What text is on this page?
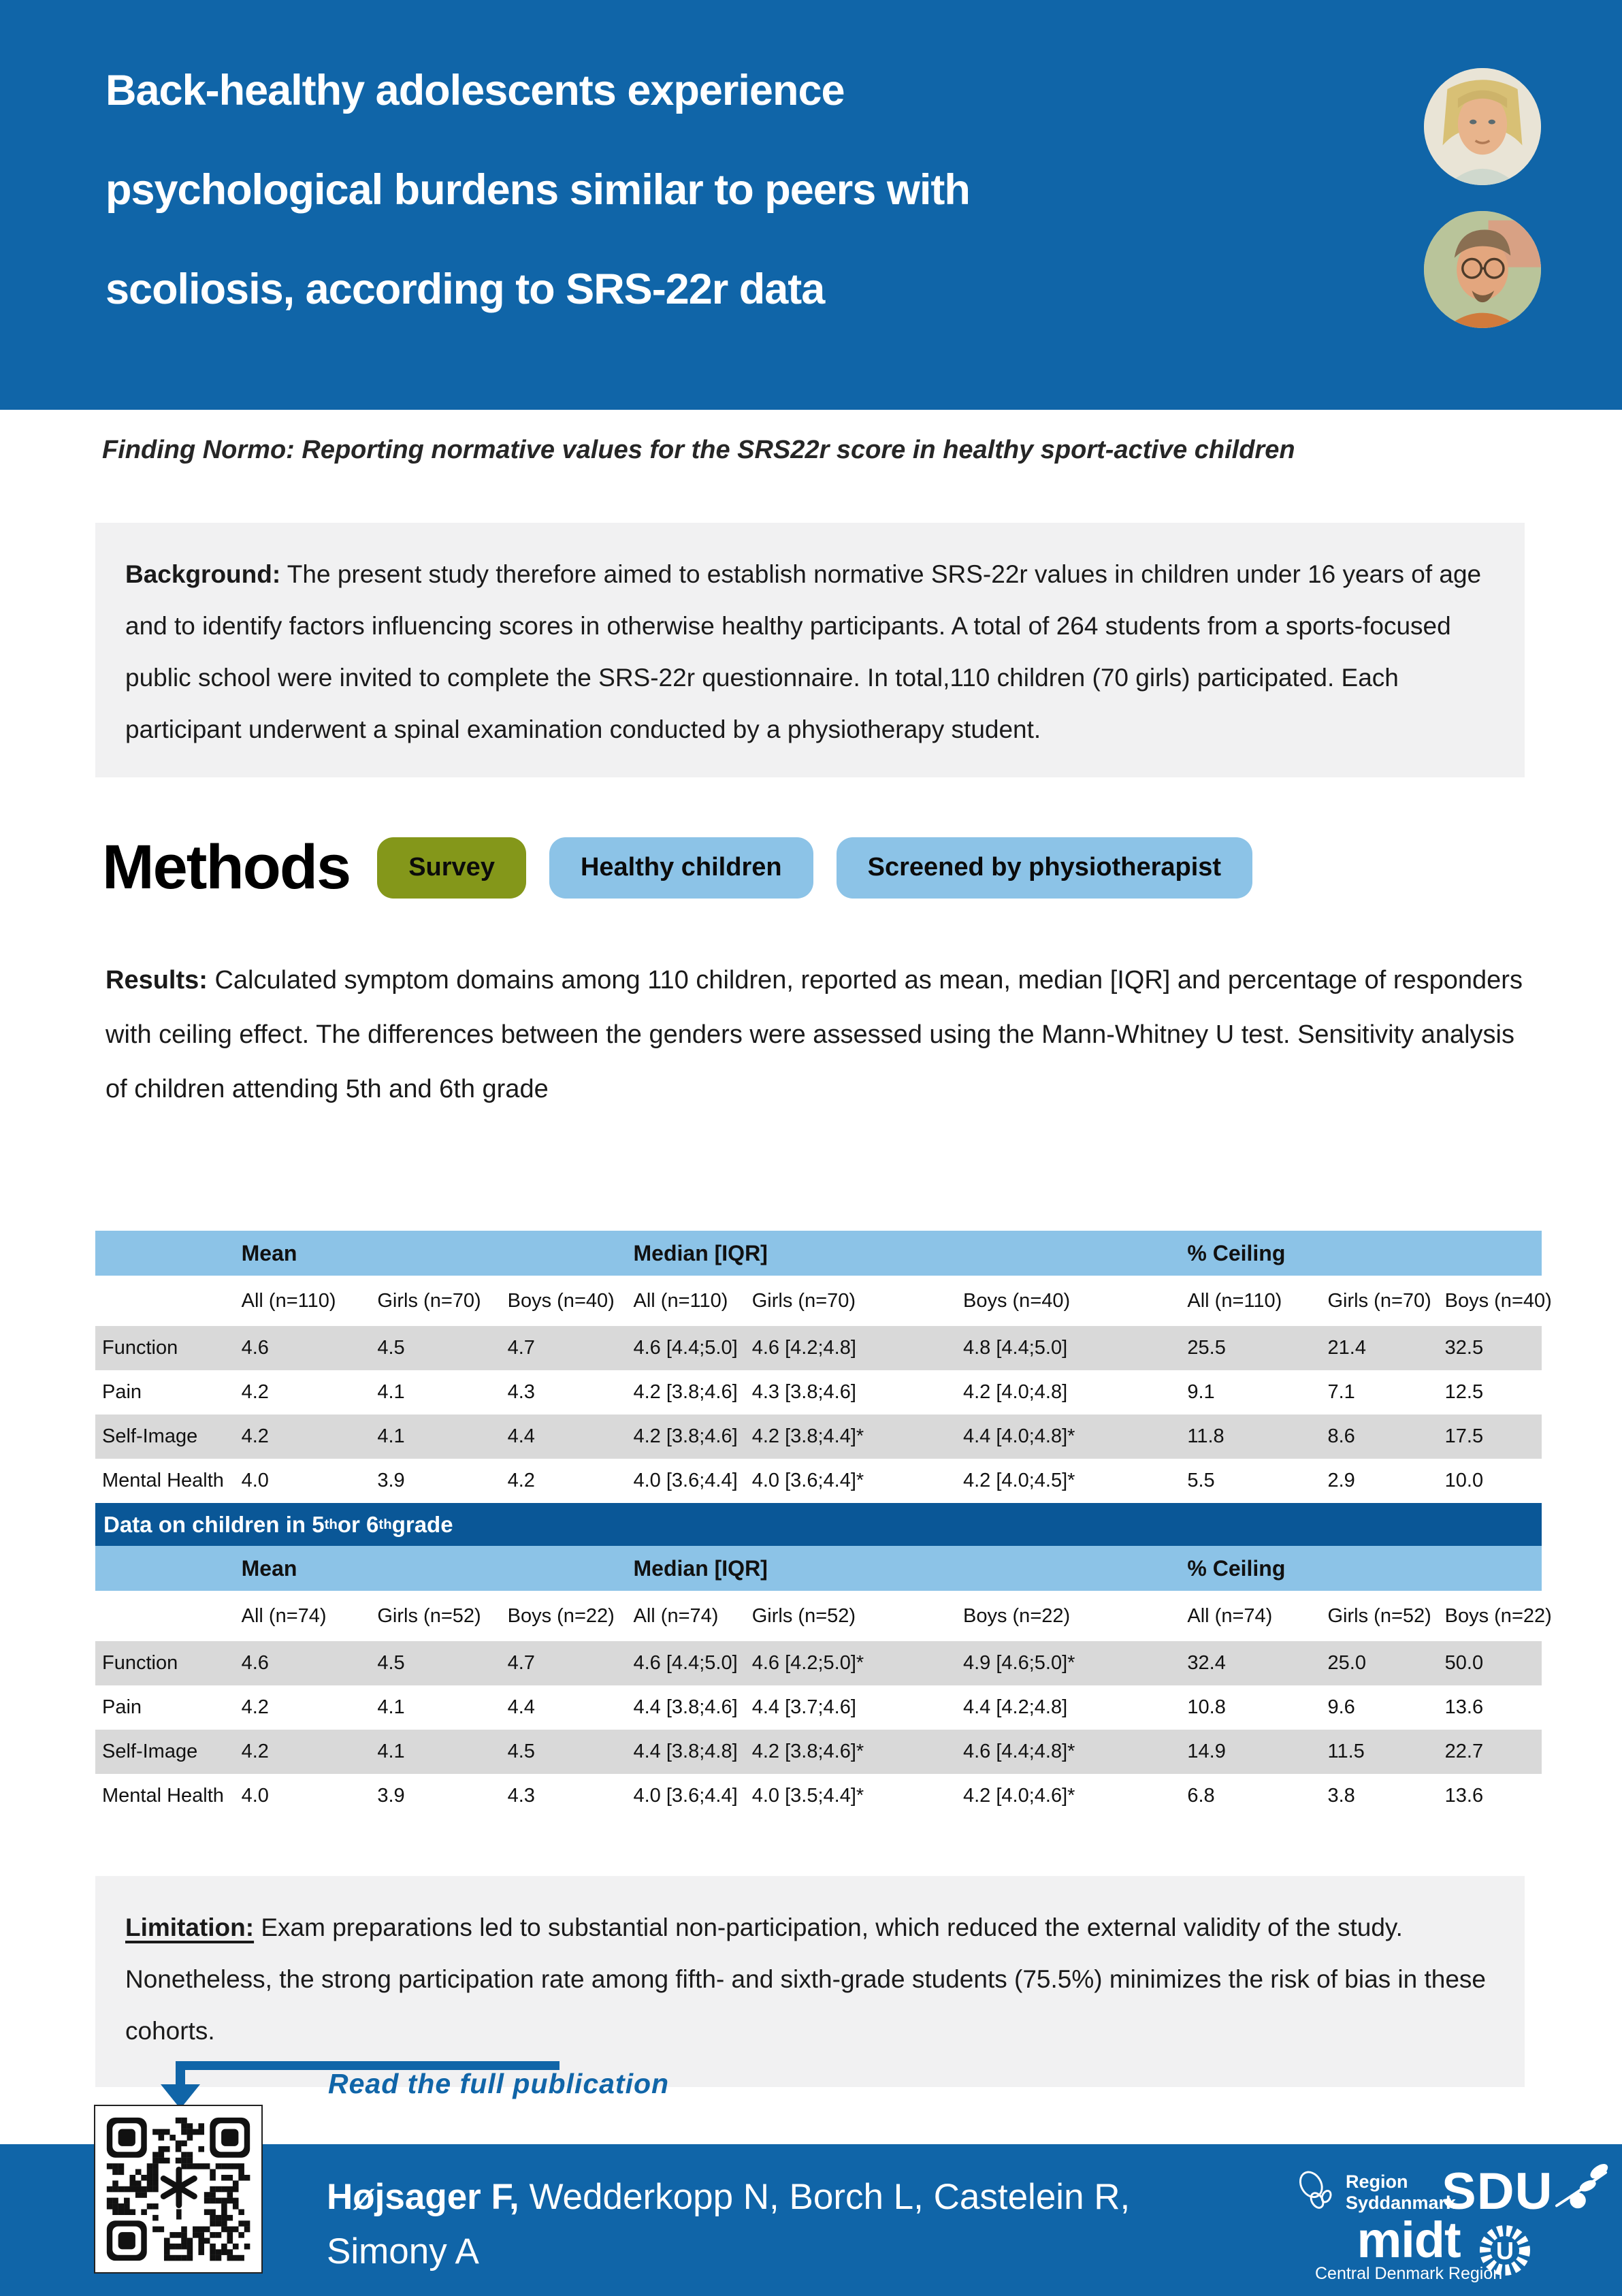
Back-healthy adolescents experience
psychological burdens similar to peers with
scoliosis, according to SRS-22r data
Finding Normo: Reporting normative values for the SRS22r score in healthy sport-active children
Background: The present study therefore aimed to establish normative SRS-22r values in children under 16 years of age and to identify factors influencing scores in otherwise healthy participants. A total of 264 students from a sports-focused public school were invited to complete the SRS-22r questionnaire. In total,110 children (70 girls) participated. Each participant underwent a spinal examination conducted by a physiotherapy student.
Methods	Survey	Healthy children	Screened by physiotherapist
Results: Calculated symptom domains among 110 children, reported as mean, median [IQR] and percentage of responders with ceiling effect. The differences between the genders were assessed using the Mann-Whitney U test. Sensitivity analysis of children attending 5th and 6th grade
Mean	Median [IQR]	% Ceiling
All (n=110)	Girls (n=70)	Boys (n=40) All (n=110)	Girls (n=70)	Boys (n=40)	All (n=110)	Girls (n=70) Boys (n=40)
Function	4.6	4.5	4.7	4.6 [4.4;5.0] 4.6 [4.2;4.8]	4.8 [4.4;5.0]	25.5	21.4	32.5
Pain	4.2	4.1	4.3	4.2 [3.8;4.6] 4.3 [3.8;4.6]	4.2 [4.0;4.8]	9.1	7.1	12.5
Self-Image	4.2	4.1	4.4	4.2 [3.8;4.6] 4.2 [3.8;4.4]*	4.4 [4.0;4.8]*	11.8	8.6	17.5
Mental Health 4.0	3.9	4.2	4.0 [3.6;4.4] 4.0 [3.6;4.4]*	4.2 [4.0;4.5]*	5.5	2.9	10.0
Data on children in 5 th or 6 th grade
Mean	Median [IQR]	% Ceiling
All (n=74)	Girls (n=52)	Boys (n=22) All (n=74)	Girls (n=52)	Boys (n=22)	All (n=74)	Girls (n=52) Boys (n=22)
Function	4.6	4.5	4.7	4.6 [4.4;5.0] 4.6 [4.2;5.0]*	4.9 [4.6;5.0]*	32.4	25.0	50.0
Pain	4.2	4.1	4.4	4.4 [3.8;4.6] 4.4 [3.7;4.6]	4.4 [4.2;4.8]	10.8	9.6	13.6
Self-Image	4.2	4.1	4.5	4.4 [3.8;4.8] 4.2 [3.8;4.6]*	4.6 [4.4;4.8]*	14.9	11.5	22.7
Mental Health 4.0	3.9	4.3	4.0 [3.6;4.4] 4.0 [3.5;4.4]*	4.2 [4.0;4.6]*	6.8	3.8	13.6
Limitation: Exam preparations led to substantial non-participation, which reduced the external validity of the study. Nonetheless, the strong participation rate among fifth- and sixth-grade students (75.5%) minimizes the risk of bias in these cohorts.
Read the full publication
Højsager F, Wedderkopp N, Borch L, Castelein R,
Simony A
Region
Syddanmark
SDU
midt
Central Denmark Region
U
